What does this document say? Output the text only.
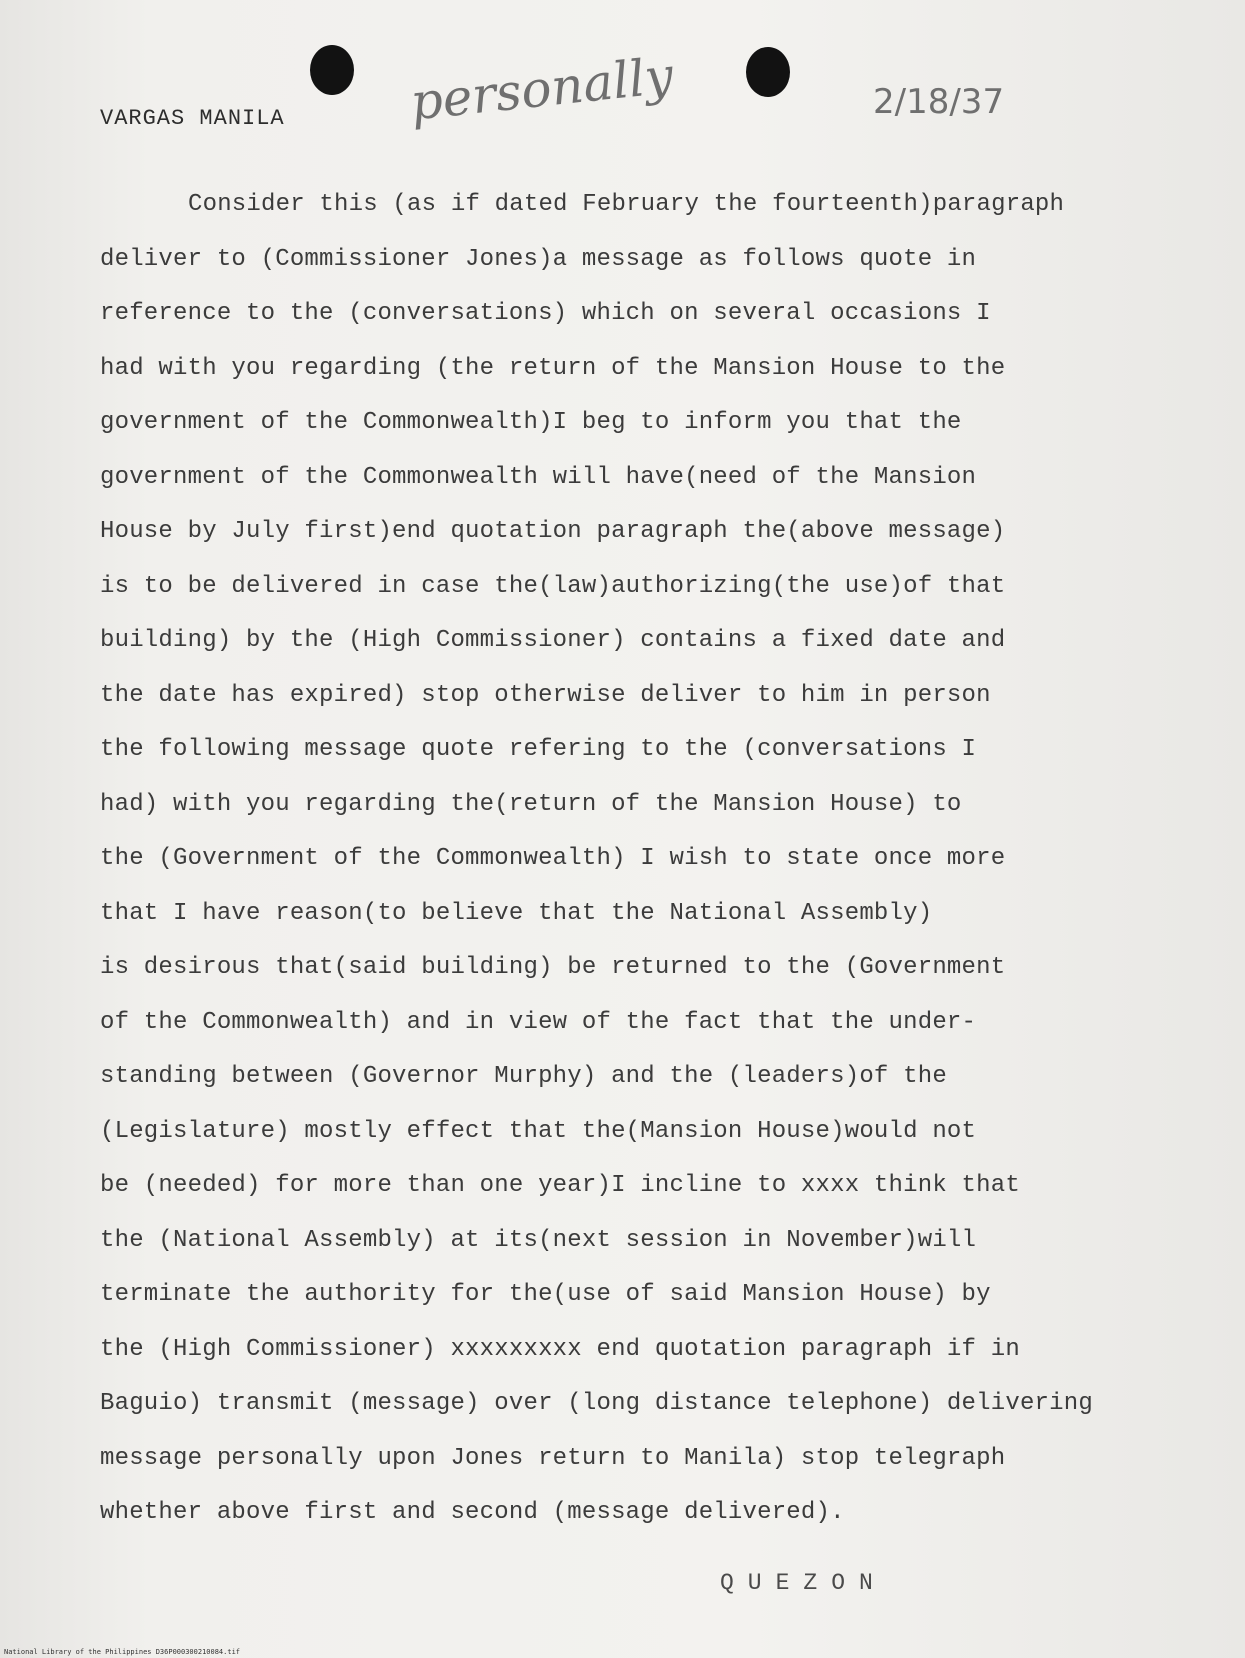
VARGAS MANILA personally	2/18/37
Consider this (as if dated February the fourteenth)paragraph
deliver to (Commissioner Jones)a message as follows quote in
reference to the (conversations) which on several occasions I
had with you regarding (the return of the Mansion House to the
government of the Commonwealth)I beg to inform you that the
government of the Commonwealth will have(need of the Mansion
House by July first)end quotation paragraph the(above message)
is to be delivered in case the(law)authorizing(the use)of that
building) by the (High Commissioner) contains a fixed date and
the date has expired) stop otherwise deliver to him in person
the following message quote refering to the (conversations I
had) with you regarding the(return of the Mansion House) to
the (Government of the Commonwealth) I wish to state once more
that I have reason(to believe that the National Assembly)
is desirous that(said building) be returned to the (Government
of the Commonwealth) and in view of the fact that the under-
standing between (Governor Murphy) and the (leaders)of the
(Legislature) mostly effect that the(Mansion House)would not
be (needed) for more than one year)I incline to xxxx think that
the (National Assembly) at its(next session in November)will
terminate the authority for the(use of said Mansion House) by
the (High Commissioner) xxxxxxxxx end quotation paragraph if in
Baguio) transmit (message) over (long distance telephone) delivering
message personally upon Jones return to Manila) stop telegraph
whether above first and second (message delivered).
QUEZON
National Library of the Philippines D36P000300210084.tif
